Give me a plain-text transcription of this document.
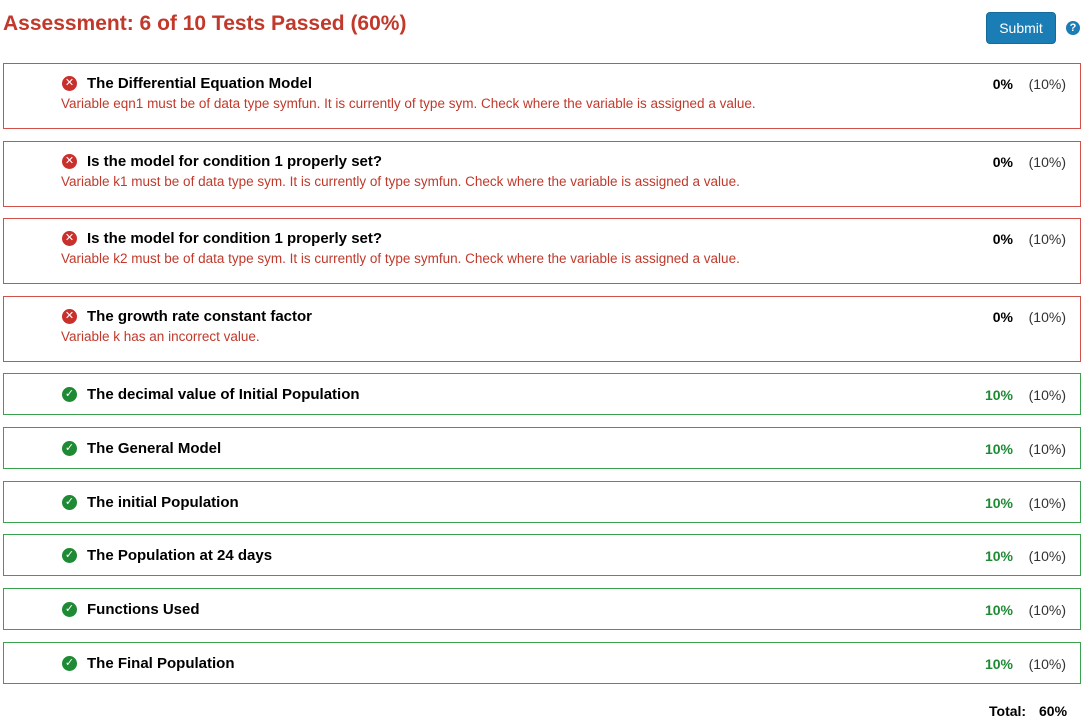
Assessment: 6 of 10 Tests Passed (60%)	Submit	?
✕ The Differential Equation Model
Variable eqn1 must be of data type symfun. It is currently of type sym. Check where the variable is assigned a value.
0% (10%)
✕ Is the model for condition 1 properly set?
Variable k1 must be of data type sym. It is currently of type symfun. Check where the variable is assigned a value.
0% (10%)
✕ Is the model for condition 1 properly set?
Variable k2 must be of data type sym. It is currently of type symfun. Check where the variable is assigned a value.
0% (10%)
✕ The growth rate constant factor
Variable k has an incorrect value.
0% (10%)
✓ The decimal value of Initial Population	10% (10%)
✓ The General Model	10% (10%)
✓ The initial Population	10% (10%)
✓ The Population at 24 days	10% (10%)
✓ Functions Used	10% (10%)
✓ The Final Population	10% (10%)
Total: 60%
